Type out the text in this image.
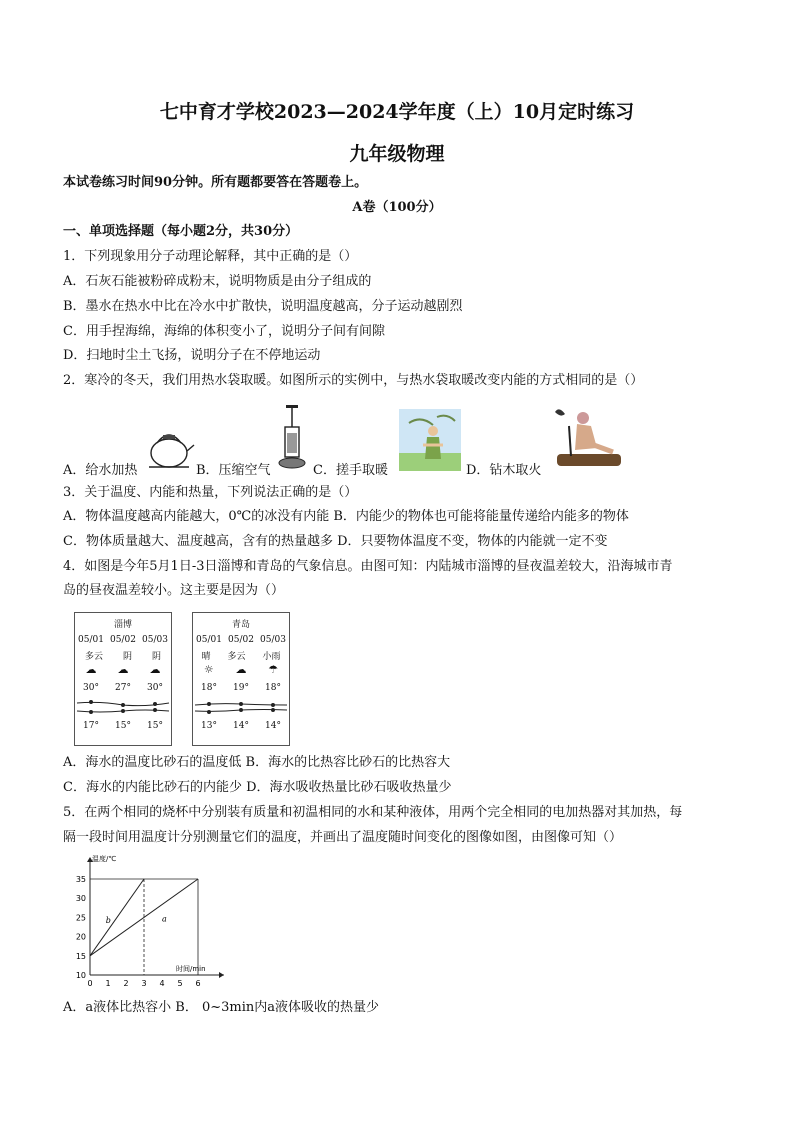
七中育才学校2023—2024学年度（上）10月定时练习
九年级物理
本试卷练习时间90分钟。所有题都要答在答题卷上。
A卷（100分）
一、单项选择题（每小题2分，共30分）
1．下列现象用分子动理论解释，其中正确的是（）
A．石灰石能被粉碎成粉末，说明物质是由分子组成的
B．墨水在热水中比在冷水中扩散快，说明温度越高，分子运动越剧烈
C．用手捏海绵，海绵的体积变小了，说明分子间有间隙
D．扫地时尘土飞扬，说明分子在不停地运动
2．寒冷的冬天，我们用热水袋取暖。如图所示的实例中，与热水袋取暖改变内能的方式相同的是（）
A．给水加热	B．压缩空气	C．搓手取暖	D．钻木取火
3．关于温度、内能和热量，下列说法正确的是（）
A．物体温度越高内能越大，0℃的冰没有内能 B．内能少的物体也可能将能量传递给内能多的物体
C．物体质量越大、温度越高，含有的热量越多 D．只要物体温度不变，物体的内能就一定不变
4．如图是今年5月1日-3日淄博和青岛的气象信息。由图可知：内陆城市淄博的昼夜温差较大，沿海城市青
岛的昼夜温差较小。这主要是因为（）
淄博
05/01 05/02 05/03
多云 阴 阴
☁ ☁ ☁
30° 27° 30°
17° 15° 15°
青岛
05/01 05/02 05/03
晴 多云 小雨
☼ ☁ ☂
18° 19° 18°
13° 14° 14°
A．海水的温度比砂石的温度低 B．海水的比热容比砂石的比热容大
C．海水的内能比砂石的内能少 D．海水吸收热量比砂石吸收热量少
5．在两个相同的烧杯中分别装有质量和初温相同的水和某种液体，用两个完全相同的电加热器对其加热，每
隔一段时间用温度计分别测量它们的温度，并画出了温度随时间变化的图像如图，由图像可知（）
0 1 2 3 4 5 6
10
15
20
25
30
35
温度/℃
时间/min
b	a
A．a液体比热容小 B． 0~3min内a液体吸收的热量少
